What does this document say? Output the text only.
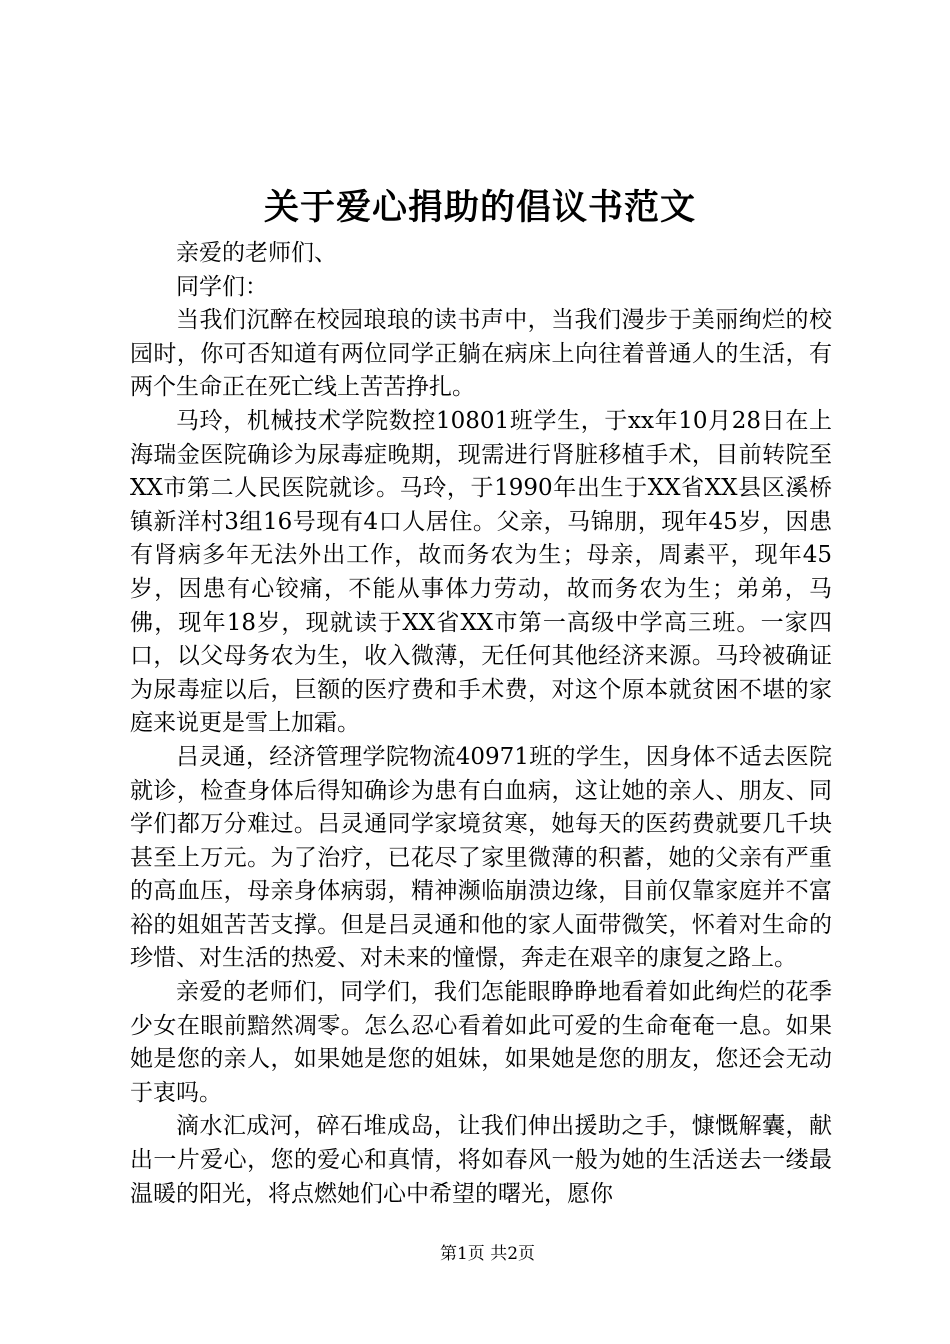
关于爱心捐助的倡议书范文

亲爱的老师们、

同学们：

当我们沉醉在校园琅琅的读书声中，当我们漫步于美丽绚烂的校园时，你可否知道有两位同学正躺在病床上向往着普通人的生活，有两个生命正在死亡线上苦苦挣扎。

马玲，机械技术学院数控10801班学生，于xx年10月28日在上海瑞金医院确诊为尿毒症晚期，现需进行肾脏移植手术，目前转院至XX市第二人民医院就诊。马玲，于1990年出生于XX省XX县区溪桥镇新洋村3组16号现有4口人居住。父亲，马锦朋，现年45岁，因患有肾病多年无法外出工作，故而务农为生；母亲，周素平，现年45岁，因患有心铰痛，不能从事体力劳动，故而务农为生；弟弟，马佛，现年18岁，现就读于XX省XX市第一高级中学高三班。一家四口，以父母务农为生，收入微薄，无任何其他经济来源。马玲被确证为尿毒症以后，巨额的医疗费和手术费，对这个原本就贫困不堪的家庭来说更是雪上加霜。

吕灵通，经济管理学院物流40971班的学生，因身体不适去医院就诊，检查身体后得知确诊为患有白血病，这让她的亲人、朋友、同学们都万分难过。吕灵通同学家境贫寒，她每天的医药费就要几千块甚至上万元。为了治疗，已花尽了家里微薄的积蓄，她的父亲有严重的高血压，母亲身体病弱，精神濒临崩溃边缘，目前仅靠家庭并不富裕的姐姐苦苦支撑。但是吕灵通和他的家人面带微笑，怀着对生命的珍惜、对生活的热爱、对未来的憧憬，奔走在艰辛的康复之路上。

亲爱的老师们，同学们，我们怎能眼睁睁地看着如此绚烂的花季少女在眼前黯然凋零。怎么忍心看着如此可爱的生命奄奄一息。如果她是您的亲人，如果她是您的姐妹，如果她是您的朋友，您还会无动于衷吗。

滴水汇成河，碎石堆成岛，让我们伸出援助之手，慷慨解囊，献出一片爱心，您的爱心和真情，将如春风一般为她的生活送去一缕最温暖的阳光，将点燃她们心中希望的曙光，愿你

第1页 共2页
